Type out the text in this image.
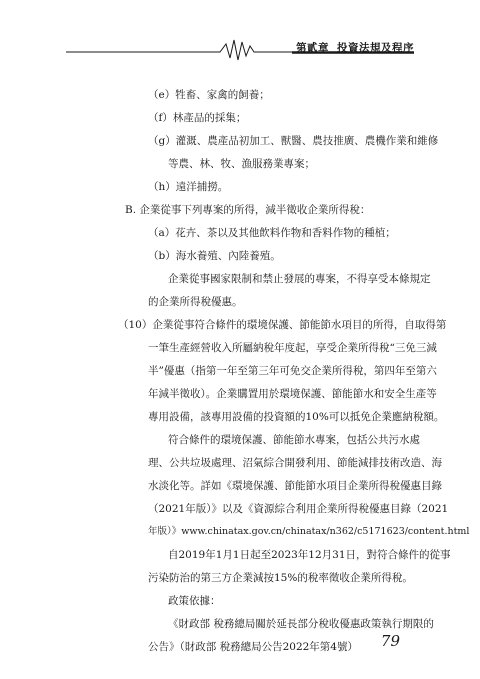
第貳章 投資法規及程序
（e）牲畜、家禽的飼養；
（f）林產品的採集；
（g）灌溉、農產品初加工、獸醫、農技推廣、農機作業和維修
等農、林、牧、漁服務業專案；
（h）遠洋捕撈。
B. 企業從事下列專案的所得，減半徵收企業所得稅：
（a）花卉、茶以及其他飲料作物和香料作物的種植；
（b）海水養殖、內陸養殖。
企業從事國家限制和禁止發展的專案，不得享受本條規定
的企業所得稅優惠。
（10）企業從事符合條件的環境保護、節能節水項目的所得，自取得第
一筆生產經營收入所屬納稅年度起，享受企業所得稅“三免三減
半”優惠（指第一年至第三年可免交企業所得稅，第四年至第六
年減半徵收）。企業購置用於環境保護、節能節水和安全生產等
專用設備，該專用設備的投資額的10%可以抵免企業應納稅額。
符合條件的環境保護、節能節水專案，包括公共污水處
理、公共垃圾處理、沼氣綜合開發利用、節能減排技術改造、海
水淡化等。詳如《環境保護、節能節水項目企業所得稅優惠目錄
（2021年版）》以及《資源綜合利用企業所得稅優惠目錄（2021
年版）》www.chinatax.gov.cn/chinatax/n362/c5171623/content.html
自2019年1月1日起至2023年12月31日，對符合條件的從事
污染防治的第三方企業減按15%的稅率徵收企業所得稅。
政策依據：
《財政部 稅務總局關於延長部分稅收優惠政策執行期限的
公告》（財政部 稅務總局公告2022年第4號） 79
